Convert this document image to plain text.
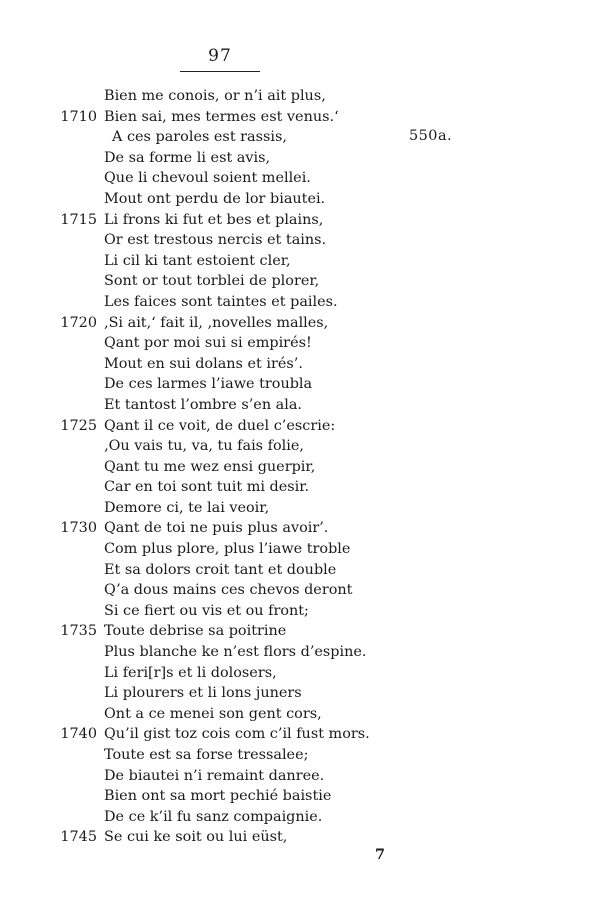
97
550a.
Bien me conois, or n’i ait plus,
1710 Bien sai, mes termes est venus.‘
A ces paroles est rassis,
De sa forme li est avis,
Que li chevoul soient mellei.
Mout ont perdu de lor biautei.
1715 Li frons ki fut et bes et plains,
Or est trestous nercis et tains.
Li cil ki tant estoient cler,
Sont or tout torblei de plorer,
Les faices sont taintes et pailes.
1720 ‚Si ait,‘ fait il, ‚novelles malles,
Qant por moi sui si empirés!
Mout en sui dolans et irés’.
De ces larmes l’iawe troubla
Et tantost l’ombre s’en ala.
1725 Qant il ce voit, de duel c’escrie:
‚Ou vais tu, va, tu fais folie,
Qant tu me wez ensi guerpir,
Car en toi sont tuit mi desir.
Demore ci, te lai veoir,
1730 Qant de toi ne puis plus avoir’.
Com plus plore, plus l’iawe troble
Et sa dolors croit tant et double
Q’a dous mains ces chevos deront
Si ce fiert ou vis et ou front;
1735 Toute debrise sa poitrine
Plus blanche ke n’est flors d’espine.
Li feri[r]s et li dolosers,
Li plourers et li lons juners
Ont a ce menei son gent cors,
1740 Qu’il gist toz cois com c’il fust mors.
Toute est sa forse tressalee;
De biautei n’i remaint danree.
Bien ont sa mort pechié baistie
De ce k’il fu sanz compaignie.
1745 Se cui ke soit ou lui eüst,
7
